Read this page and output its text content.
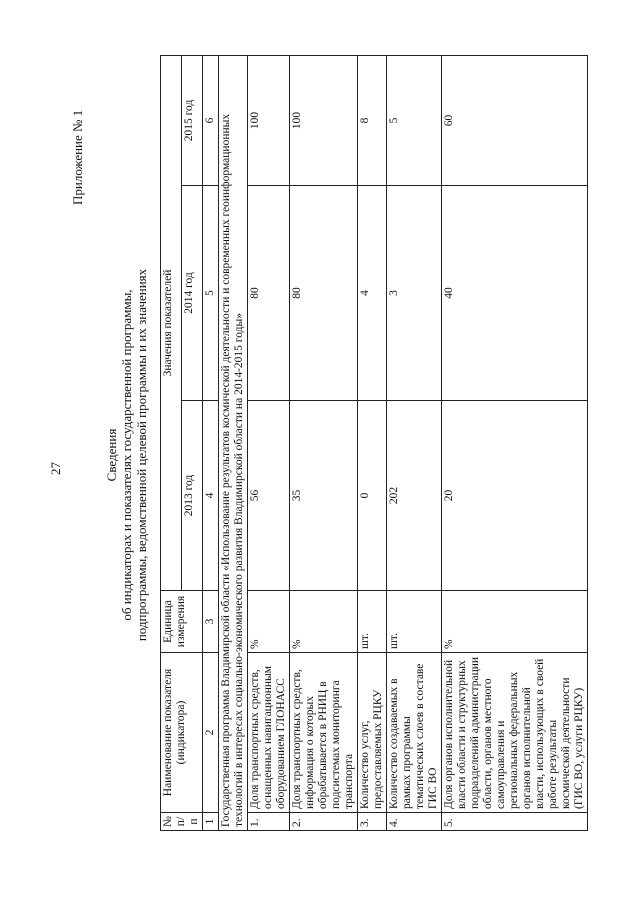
27
Приложение № 1
Сведения об индикаторах и показателях государственной программы, подпрограммы, ведомственной целевой программы и их значениях
№ п/п	Наименование показателя (индикатора)	Единица измерения	Значения показателей		
			2013 год	2014 год	2015 год
1	2	3	4	5	6
Государственная программа Владимирской области «Использование результатов космической деятельности и современных геоинформационных технологий в интересах социально-экономического развития Владимирской области на 2014-2015 годы»					
1.	Доля транспортных средств, оснащенных навигационным оборудованием ГЛОНАСС	%	56	80	100
2.	Доля транспортных средств, информация о которых обрабатывается в РНИЦ в подсистемах мониторинга транспорта	%	35	80	100
3.	Количество услуг, предоставляемых РЦКУ	шт.	0	4	8
4.	Количество создаваемых в рамках программы тематических слоев в составе ГИС ВО	шт.	202	3	5
5.	Доля органов исполнительной власти области и структурных подразделений администрации области, органов местного самоуправления и региональных федеральных органов исполнительной власти, использующих в своей работе результаты космической деятельности (ГИС ВО, услуги РЦКУ)	%	20	40	60
